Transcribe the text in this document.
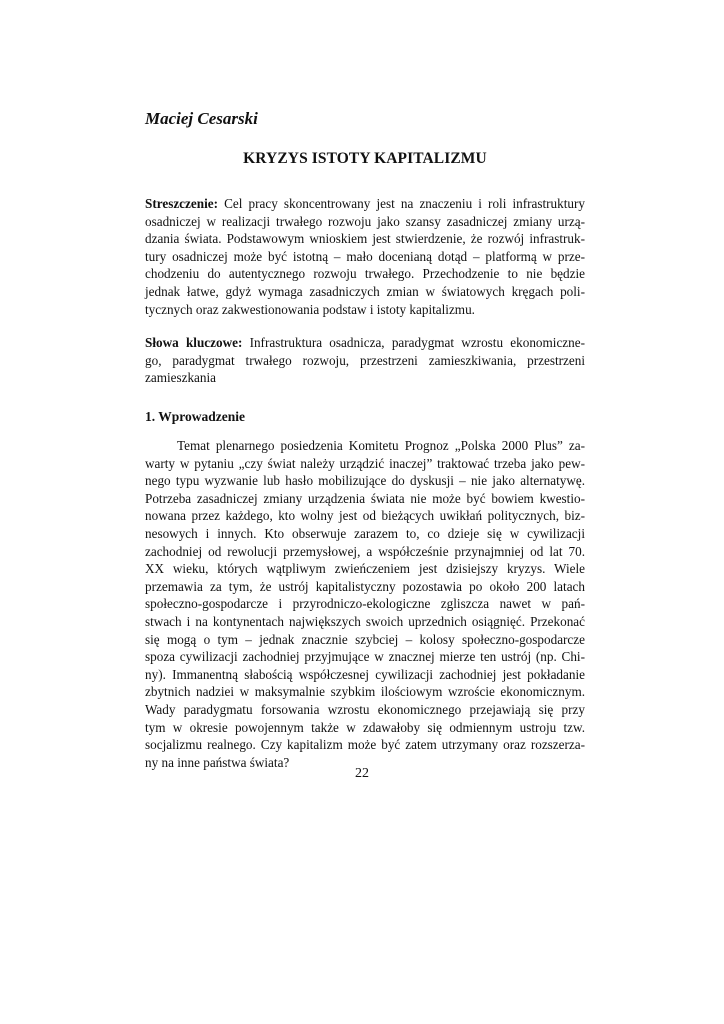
Maciej Cesarski
KRYZYS ISTOTY KAPITALIZMU
Streszczenie: Cel pracy skoncentrowany jest na znaczeniu i roli infrastruktury
osadniczej w realizacji trwałego rozwoju jako szansy zasadniczej zmiany urzą-
dzania świata. Podstawowym wnioskiem jest stwierdzenie, że rozwój infrastruk-
tury osadniczej może być istotną – mało docenianą dotąd – platformą w prze-
chodzeniu do autentycznego rozwoju trwałego. Przechodzenie to nie będzie
jednak łatwe, gdyż wymaga zasadniczych zmian w światowych kręgach poli-
tycznych oraz zakwestionowania podstaw i istoty kapitalizmu.
Słowa kluczowe: Infrastruktura osadnicza, paradygmat wzrostu ekonomiczne-
go, paradygmat trwałego rozwoju, przestrzeni zamieszkiwania, przestrzeni
zamieszkania
1. Wprowadzenie
Temat plenarnego posiedzenia Komitetu Prognoz „Polska 2000 Plus” za-
warty w pytaniu „czy świat należy urządzić inaczej” traktować trzeba jako pew-
nego typu wyzwanie lub hasło mobilizujące do dyskusji – nie jako alternatywę.
Potrzeba zasadniczej zmiany urządzenia świata nie może być bowiem kwestio-
nowana przez każdego, kto wolny jest od bieżących uwikłań politycznych, biz-
nesowych i innych. Kto obserwuje zarazem to, co dzieje się w cywilizacji
zachodniej od rewolucji przemysłowej, a współcześnie przynajmniej od lat 70.
XX wieku, których wątpliwym zwieńczeniem jest dzisiejszy kryzys. Wiele
przemawia za tym, że ustrój kapitalistyczny pozostawia po około 200 latach
społeczno-gospodarcze i przyrodniczo-ekologiczne zgliszcza nawet w pań-
stwach i na kontynentach największych swoich uprzednich osiągnięć. Przekonać
się mogą o tym – jednak znacznie szybciej – kolosy społeczno-gospodarcze
spoza cywilizacji zachodniej przyjmujące w znacznej mierze ten ustrój (np. Chi-
ny). Immanentną słabością współczesnej cywilizacji zachodniej jest pokładanie
zbytnich nadziei w maksymalnie szybkim ilościowym wzroście ekonomicznym.
Wady paradygmatu forsowania wzrostu ekonomicznego przejawiają się przy
tym w okresie powojennym także w zdawałoby się odmiennym ustroju tzw.
socjalizmu realnego. Czy kapitalizm może być zatem utrzymany oraz rozszerza-
ny na inne państwa świata?
22
